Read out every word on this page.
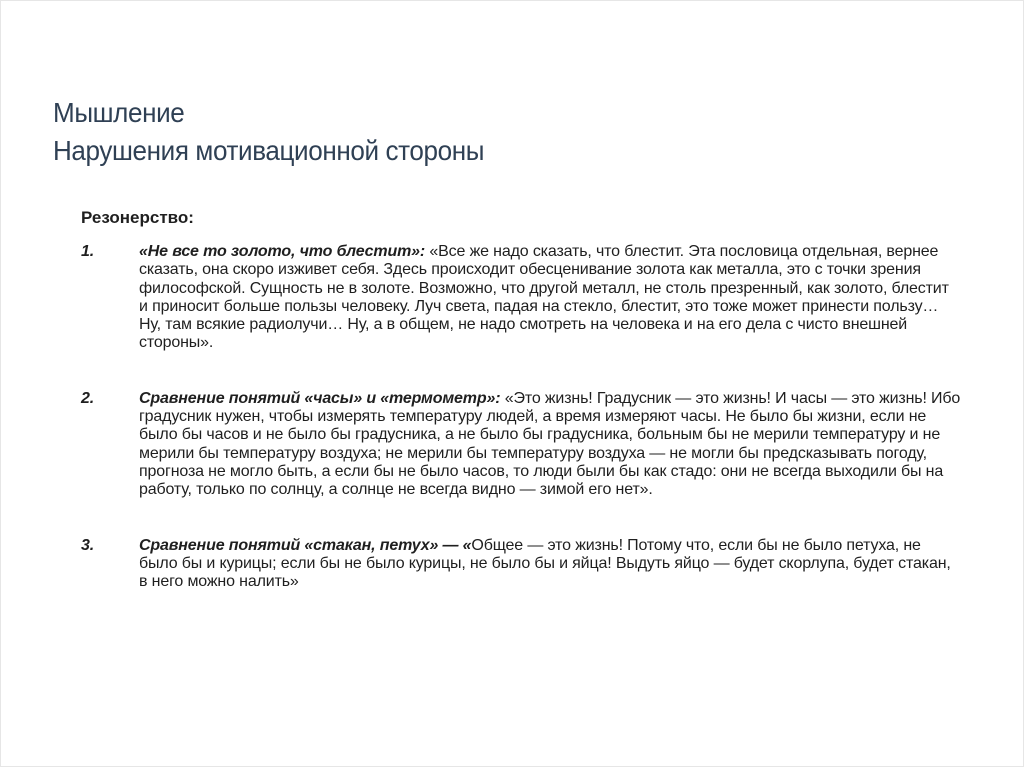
Мышление
Нарушения мотивационной стороны
Резонерство:
1.	«Не все то золото, что блестит»: «Все же надо сказать, что блестит. Эта пословица отдельная, вернее сказать, она скоро изживет себя. Здесь происходит обесценивание золота как металла, это с точки зрения философской. Сущность не в золоте. Возможно, что другой металл, не столь презренный, как золото, блестит и приносит больше пользы человеку. Луч света, падая на стекло, блестит, это тоже может принести пользу… Ну, там всякие радиолучи… Ну, а в общем, не надо смотреть на человека и на его дела с чисто внешней стороны».
2.	Сравнение понятий «часы» и «термометр»: «Это жизнь! Градусник — это жизнь! И часы — это жизнь! Ибо градусник нужен, чтобы измерять температуру людей, а время измеряют часы. Не было бы жизни, если не было бы часов и не было бы градусника, а не было бы градусника, больным бы не мерили температуру и не мерили бы температуру воздуха; не мерили бы температуру воздуха — не могли бы предсказывать погоду, прогноза не могло быть, а если бы не было часов, то люди были бы как стадо: они не всегда выходили бы на работу, только по солнцу, а солнце не всегда видно — зимой его нет».
3.	Сравнение понятий «стакан, петух» — «Общее — это жизнь! Потому что, если бы не было петуха, не было бы и курицы; если бы не было курицы, не было бы и яйца! Выдуть яйцо — будет скорлупа, будет стакан, в него можно налить»
